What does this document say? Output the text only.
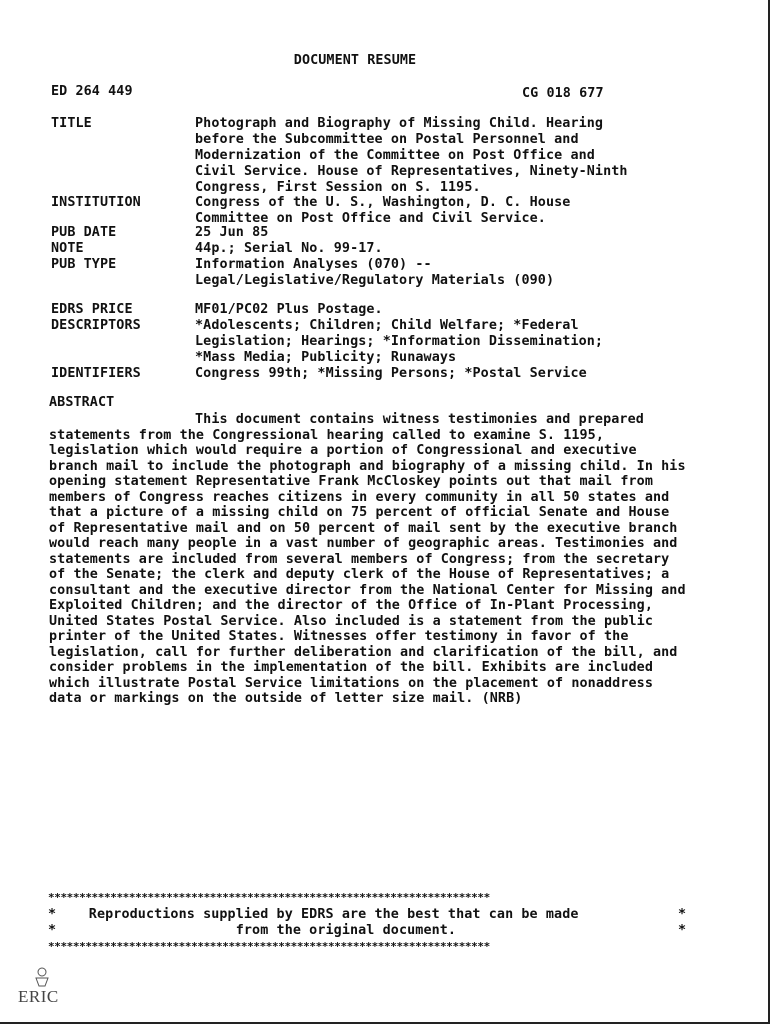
DOCUMENT RESUME
ED 264 449	CG 018 677
TITLE	Photograph and Biography of Missing Child. Hearing
before the Subcommittee on Postal Personnel and
Modernization of the Committee on Post Office and
Civil Service. House of Representatives, Ninety-Ninth
Congress, First Session on S. 1195.
INSTITUTION	Congress of the U. S., Washington, D. C. House
Committee on Post Office and Civil Service.
PUB DATE	25 Jun 85
NOTE	44p.; Serial No. 99-17.
PUB TYPE	Information Analyses (070) --
Legal/Legislative/Regulatory Materials (090)
EDRS PRICE	MF01/PC02 Plus Postage.
DESCRIPTORS	*Adolescents; Children; Child Welfare; *Federal
Legislation; Hearings; *Information Dissemination;
*Mass Media; Publicity; Runaways
IDENTIFIERS	Congress 99th; *Missing Persons; *Postal Service
ABSTRACT
This document contains witness testimonies and prepared statements from the Congressional hearing called to examine S. 1195, legislation which would require a portion of Congressional and executive branch mail to include the photograph and biography of a missing child. In his opening statement Representative Frank McCloskey points out that mail from members of Congress reaches citizens in every community in all 50 states and that a picture of a missing child on 75 percent of official Senate and House of Representative mail and on 50 percent of mail sent by the executive branch would reach many people in a vast number of geographic areas. Testimonies and statements are included from several members of Congress; from the secretary of the Senate; the clerk and deputy clerk of the House of Representatives; a consultant and the executive director from the National Center for Missing and Exploited Children; and the director of the Office of In-Plant Processing, United States Postal Service. Also included is a statement from the public printer of the United States. Witnesses offer testimony in favor of the legislation, call for further deliberation and clarification of the bill, and consider problems in the implementation of the bill. Exhibits are included which illustrate Postal Service limitations on the placement of nonaddress data or markings on the outside of letter size mail. (NRB)
***********************************************************************
*    Reproductions supplied by EDRS are the best that can be made	*
*                      from the original document.	*
***********************************************************************
ERIC
